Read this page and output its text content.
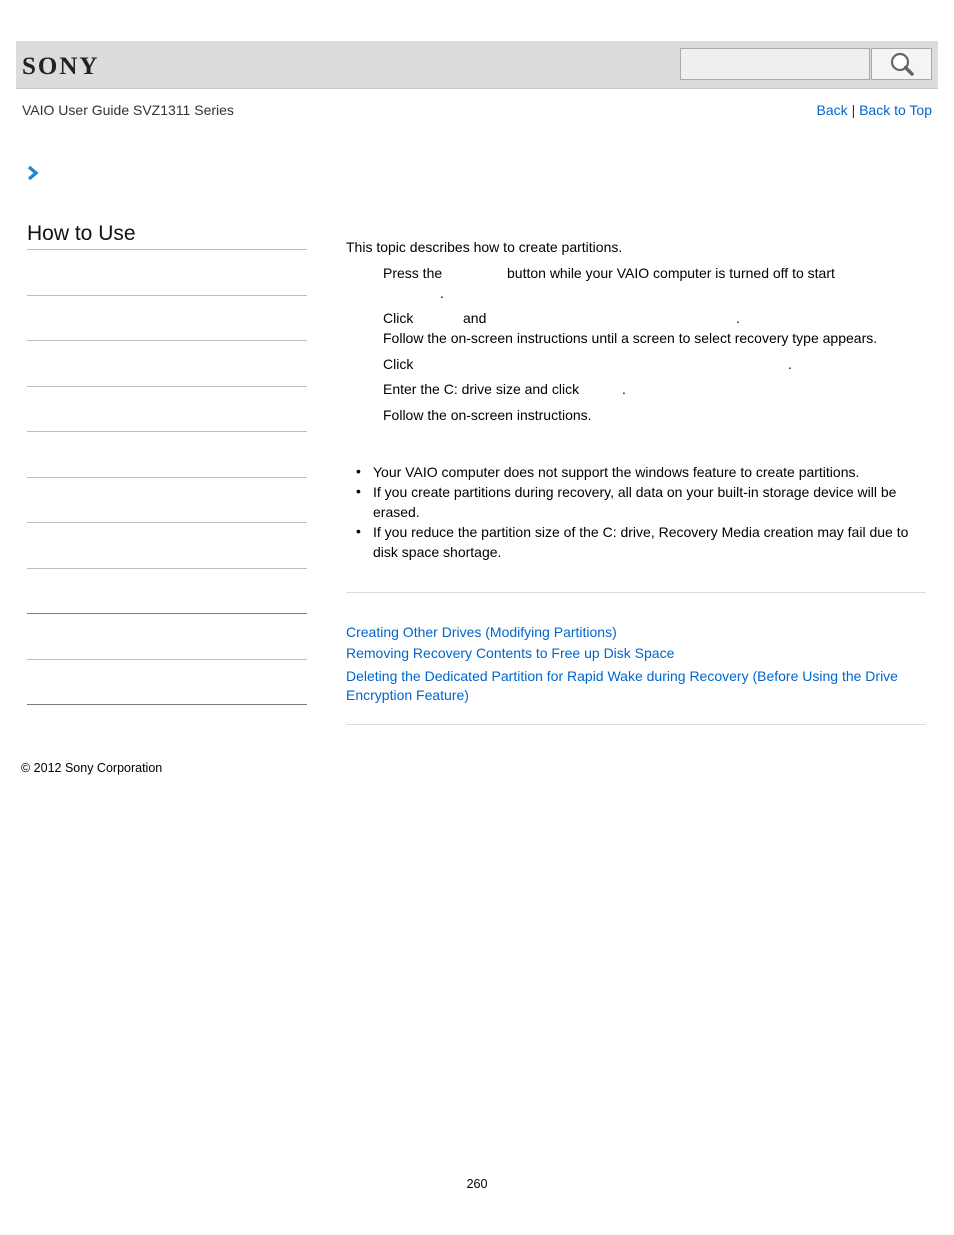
SONY
VAIO User Guide SVZ1311 Series	Back | Back to Top
How to Use
This topic describes how to create partitions.
Press the	button while your VAIO computer is turned off to start
.
Click	and	.
Follow the on-screen instructions until a screen to select recovery type appears.
Click	.
Enter the C: drive size and click	.
Follow the on-screen instructions.
• Your VAIO computer does not support the windows feature to create partitions.
• If you create partitions during recovery, all data on your built-in storage device will be
erased.
• If you reduce the partition size of the C: drive, Recovery Media creation may fail due to
disk space shortage.
Creating Other Drives (Modifying Partitions)
Removing Recovery Contents to Free up Disk Space
Deleting the Dedicated Partition for Rapid Wake during Recovery (Before Using the Drive
Encryption Feature)
© 2012 Sony Corporation
260
